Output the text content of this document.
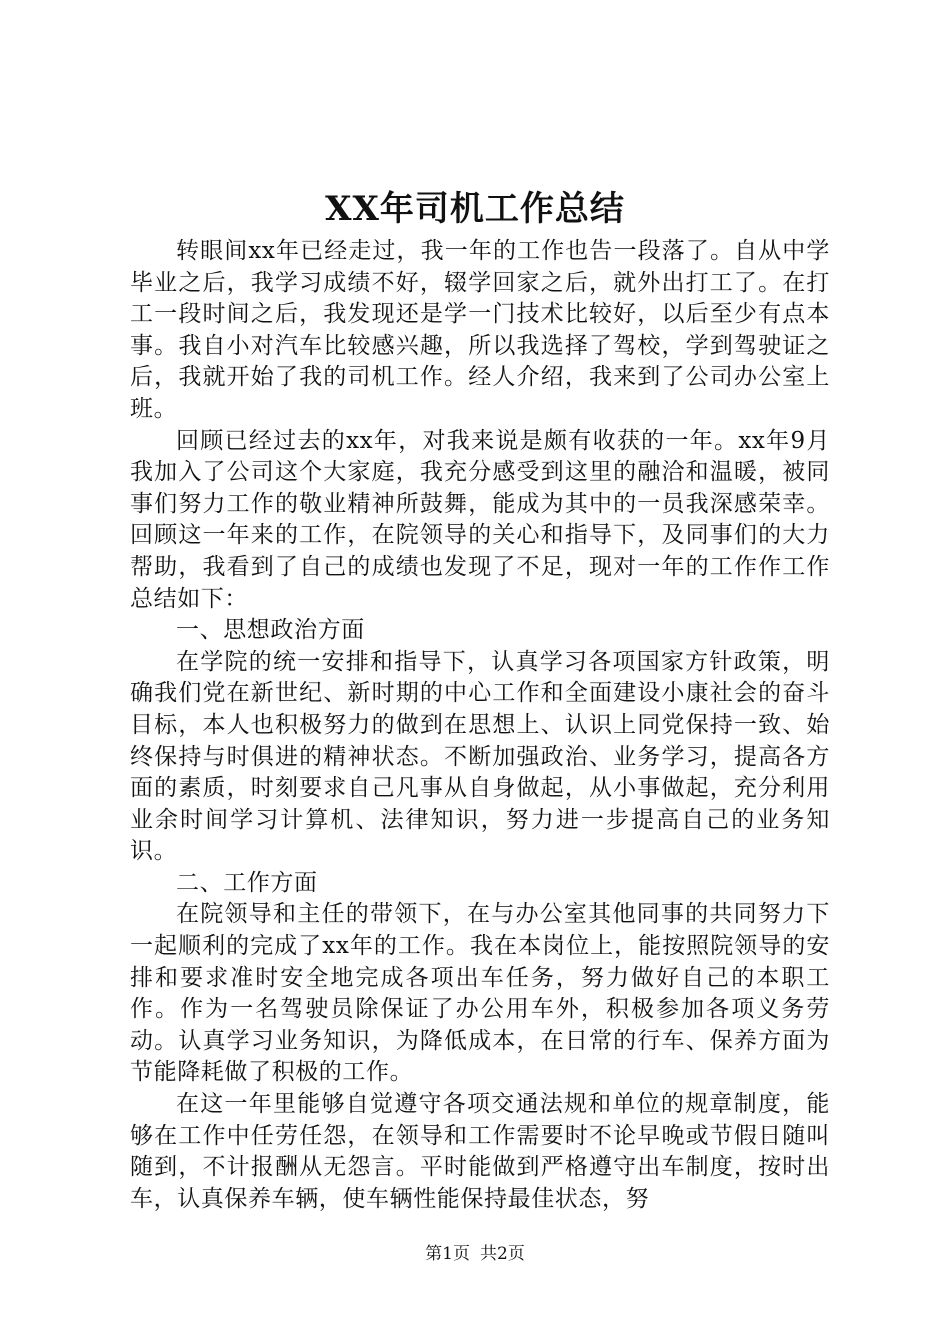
XX年司机工作总结

转眼间xx年已经走过，我一年的工作也告一段落了。自从中学毕业之后，我学习成绩不好，辍学回家之后，就外出打工了。在打工一段时间之后，我发现还是学一门技术比较好，以后至少有点本事。我自小对汽车比较感兴趣，所以我选择了驾校，学到驾驶证之后，我就开始了我的司机工作。经人介绍，我来到了公司办公室上班。

回顾已经过去的xx年，对我来说是颇有收获的一年。xx年9月我加入了公司这个大家庭，我充分感受到这里的融洽和温暖，被同事们努力工作的敬业精神所鼓舞，能成为其中的一员我深感荣幸。回顾这一年来的工作，在院领导的关心和指导下，及同事们的大力帮助，我看到了自己的成绩也发现了不足，现对一年的工作作工作总结如下：

一、思想政治方面

在学院的统一安排和指导下，认真学习各项国家方针政策，明确我们党在新世纪、新时期的中心工作和全面建设小康社会的奋斗目标，本人也积极努力的做到在思想上、认识上同党保持一致、始终保持与时俱进的精神状态。不断加强政治、业务学习，提高各方面的素质，时刻要求自己凡事从自身做起，从小事做起，充分利用业余时间学习计算机、法律知识，努力进一步提高自己的业务知识。

二、工作方面

在院领导和主任的带领下，在与办公室其他同事的共同努力下一起顺利的完成了xx年的工作。我在本岗位上，能按照院领导的安排和要求准时安全地完成各项出车任务，努力做好自己的本职工作。作为一名驾驶员除保证了办公用车外，积极参加各项义务劳动。认真学习业务知识，为降低成本，在日常的行车、保养方面为节能降耗做了积极的工作。

在这一年里能够自觉遵守各项交通法规和单位的规章制度，能够在工作中任劳任怨，在领导和工作需要时不论早晚或节假日随叫随到，不计报酬从无怨言。平时能做到严格遵守出车制度，按时出车，认真保养车辆，使车辆性能保持最佳状态，努

第1页 共2页
